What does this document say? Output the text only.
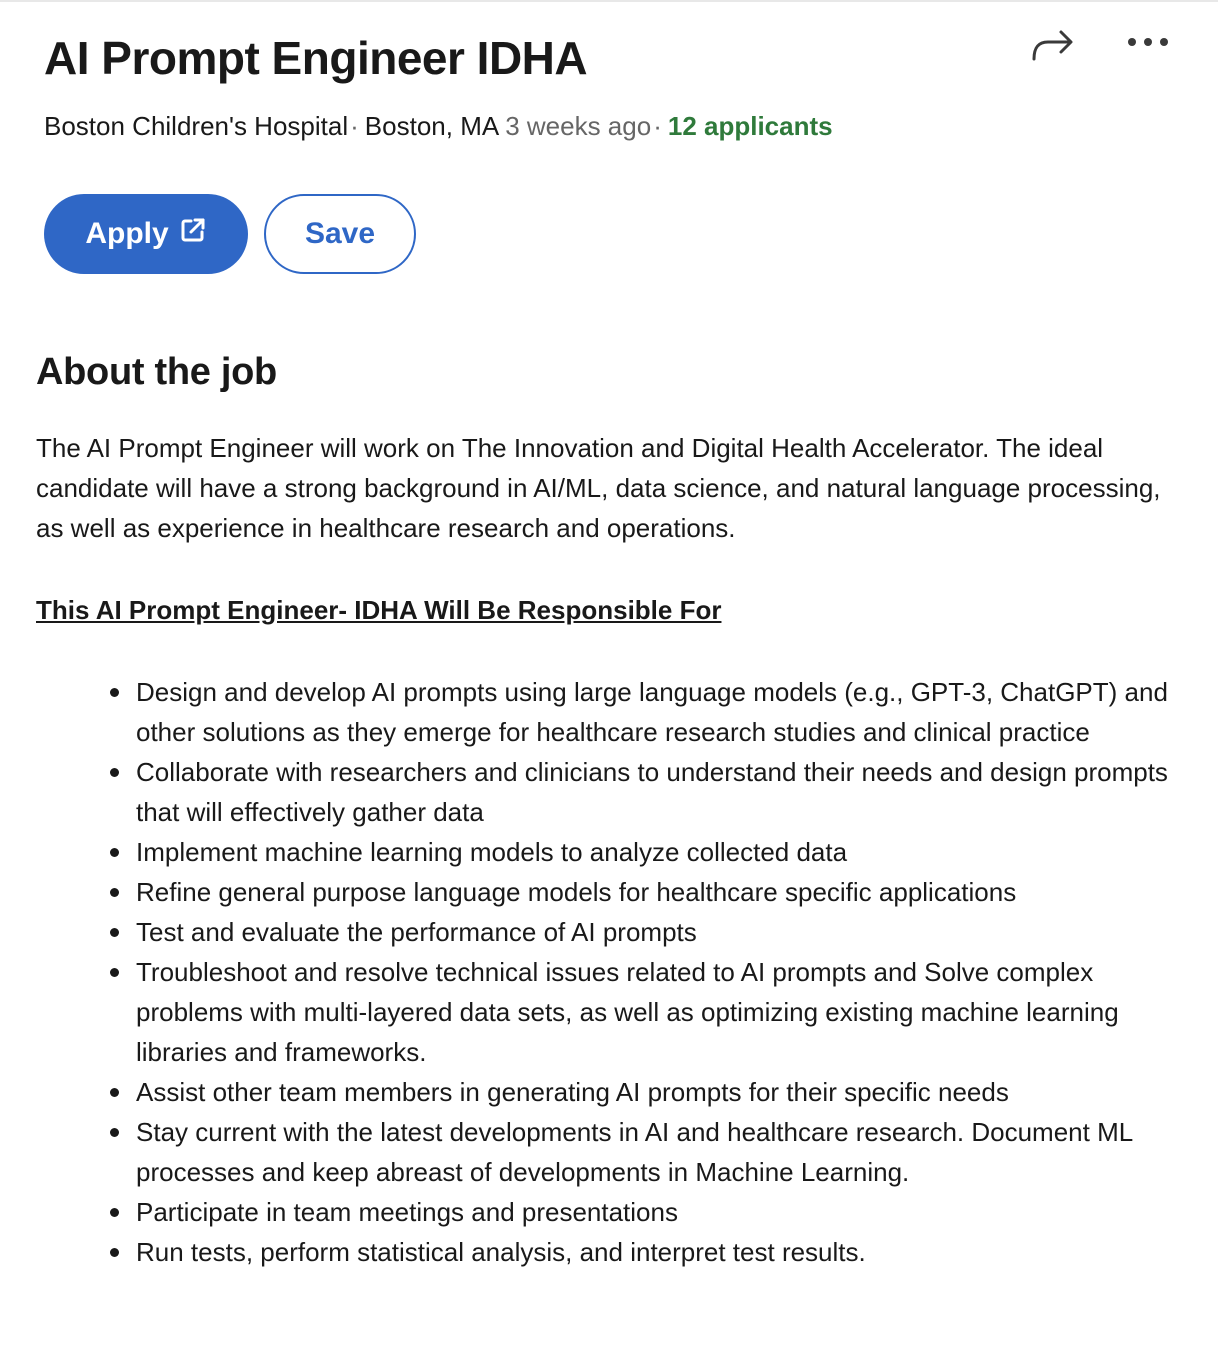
AI Prompt Engineer IDHA
Boston Children's Hospital· Boston, MA 3 weeks ago· 12 applicants
Apply	Save
About the job

The AI Prompt Engineer will work on The Innovation and Digital Health Accelerator. The ideal candidate will have a strong background in AI/ML, data science, and natural language processing, as well as experience in healthcare research and operations.

This AI Prompt Engineer- IDHA Will Be Responsible For

Design and develop AI prompts using large language models (e.g., GPT-3, ChatGPT) and other solutions as they emerge for healthcare research studies and clinical practice
Collaborate with researchers and clinicians to understand their needs and design prompts that will effectively gather data
Implement machine learning models to analyze collected data
Refine general purpose language models for healthcare specific applications
Test and evaluate the performance of AI prompts
Troubleshoot and resolve technical issues related to AI prompts and Solve complex problems with multi-layered data sets, as well as optimizing existing machine learning libraries and frameworks.
Assist other team members in generating AI prompts for their specific needs
Stay current with the latest developments in AI and healthcare research. Document ML processes and keep abreast of developments in Machine Learning.
Participate in team meetings and presentations
Run tests, perform statistical analysis, and interpret test results.
